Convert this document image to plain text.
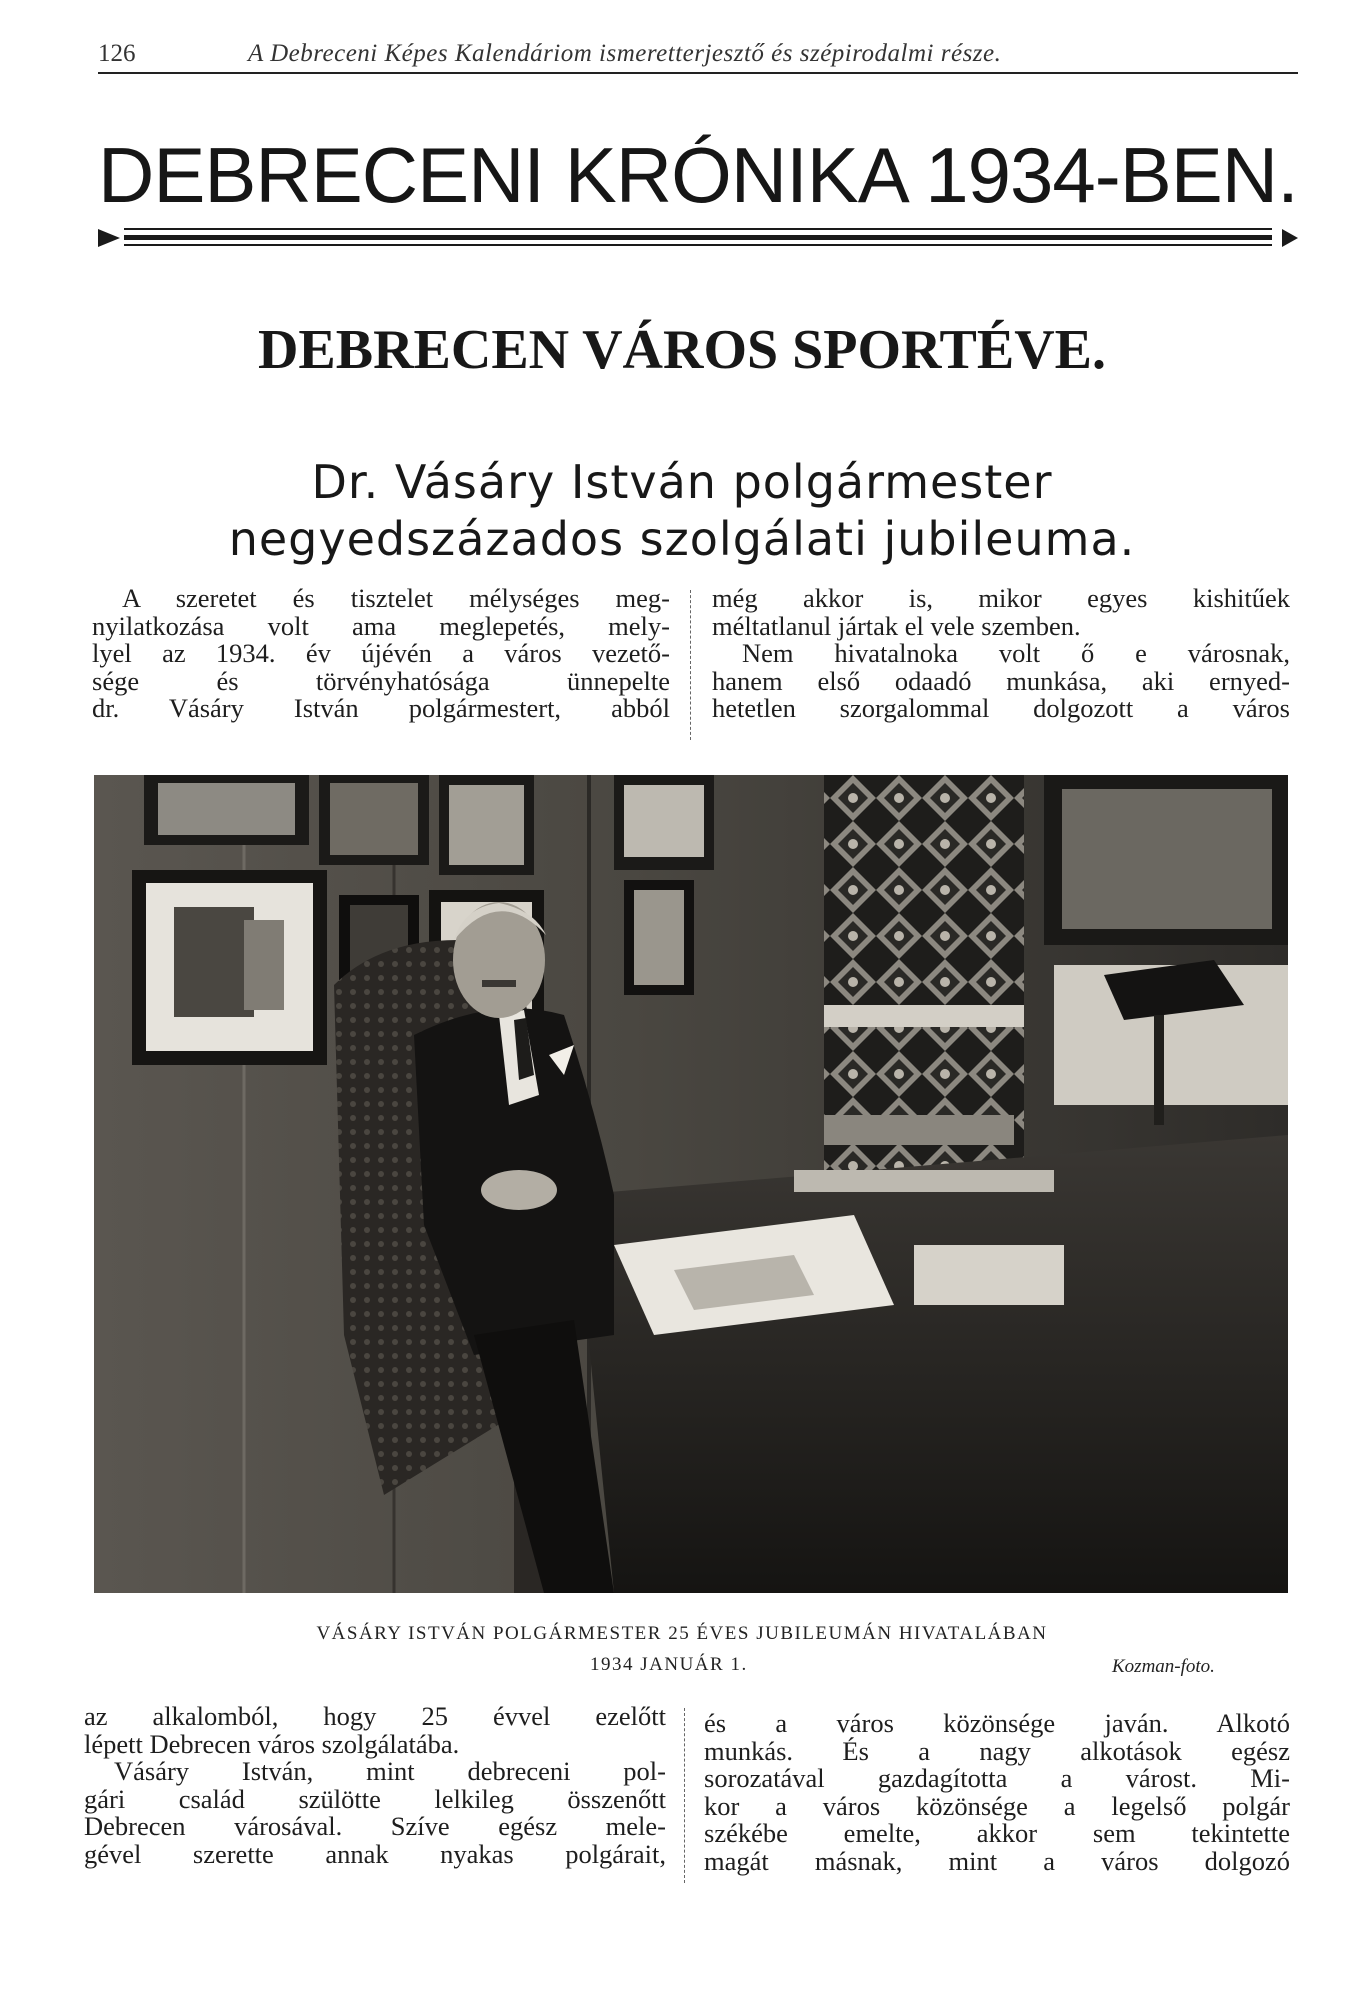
126	A Debreceni Képes Kalendáriom ismeretterjesztő és szépirodalmi része.
DEBRECENI KRÓNIKA 1934-BEN.
DEBRECEN VÁROS SPORTÉVE.
Dr. Vásáry István polgármester
negyedszázados szolgálati jubileuma.

A szeretet és tisztelet mélységes meg-

nyilatkozása volt ama meglepetés, mely-

lyel az 1934. év újévén a város vezető-

sége és törvényhatósága ünnepelte

dr. Vásáry István polgármestert, abból

még akkor is, mikor egyes kishitűek

méltatlanul jártak el vele szemben.

Nem hivatalnoka volt ő e városnak,

hanem első odaadó munkása, aki ernyed-

hetetlen szorgalommal dolgozott a város

VÁSÁRY ISTVÁN POLGÁRMESTER 25 ÉVES JUBILEUMÁN HIVATALÁBAN
1934 JANUÁR 1.	Kozman-foto.

az alkalomból, hogy 25 évvel ezelőtt

lépett Debrecen város szolgálatába.

Vásáry István, mint debreceni pol-

gári család szülötte lelkileg összenőtt

Debrecen városával. Szíve egész mele-

gével szerette annak nyakas polgárait,

és a város közönsége javán. Alkotó

munkás. És a nagy alkotások egész

sorozatával gazdagította a várost. Mi-

kor a város közönsége a legelső polgár

székébe emelte, akkor sem tekintette

magát másnak, mint a város dolgozó
